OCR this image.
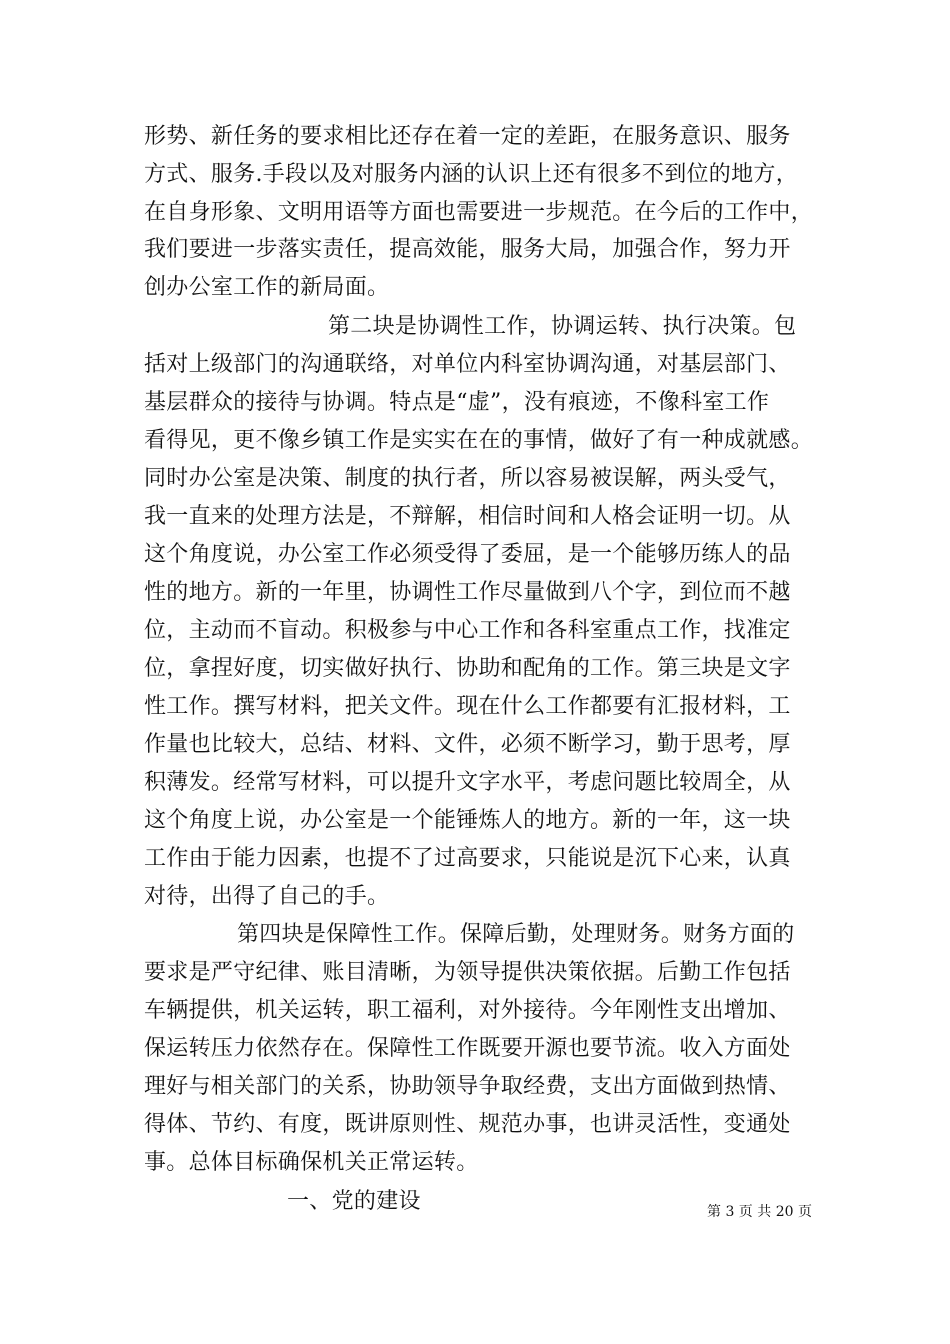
形势、新任务的要求相比还存在着一定的差距，在服务意识、服务
方式、服务.手段以及对服务内涵的认识上还有很多不到位的地方，
在自身形象、文明用语等方面也需要进一步规范。在今后的工作中，
我们要进一步落实责任，提高效能，服务大局，加强合作，努力开
创办公室工作的新局面。
第二块是协调性工作，协调运转、执行决策。包
括对上级部门的沟通联络，对单位内科室协调沟通，对基层部门、
基层群众的接待与协调。特点是“虚”，没有痕迹，不像科室工作
看得见，更不像乡镇工作是实实在在的事情，做好了有一种成就感。
同时办公室是决策、制度的执行者，所以容易被误解，两头受气，
我一直来的处理方法是，不辩解，相信时间和人格会证明一切。从
这个角度说，办公室工作必须受得了委屈，是一个能够历练人的品
性的地方。新的一年里，协调性工作尽量做到八个字，到位而不越
位，主动而不盲动。积极参与中心工作和各科室重点工作，找准定
位，拿捏好度，切实做好执行、协助和配角的工作。第三块是文字
性工作。撰写材料，把关文件。现在什么工作都要有汇报材料，工
作量也比较大，总结、材料、文件，必须不断学习，勤于思考，厚
积薄发。经常写材料，可以提升文字水平，考虑问题比较周全，从
这个角度上说，办公室是一个能锤炼人的地方。新的一年，这一块
工作由于能力因素，也提不了过高要求，只能说是沉下心来，认真
对待，出得了自己的手。
第四块是保障性工作。保障后勤，处理财务。财务方面的
要求是严守纪律、账目清晰，为领导提供决策依据。后勤工作包括
车辆提供，机关运转，职工福利，对外接待。今年刚性支出增加、
保运转压力依然存在。保障性工作既要开源也要节流。收入方面处
理好与相关部门的关系，协助领导争取经费，支出方面做到热情、
得体、节约、有度，既讲原则性、规范办事，也讲灵活性，变通处
事。总体目标确保机关正常运转。
一、党的建设	第 3 页 共 20 页
